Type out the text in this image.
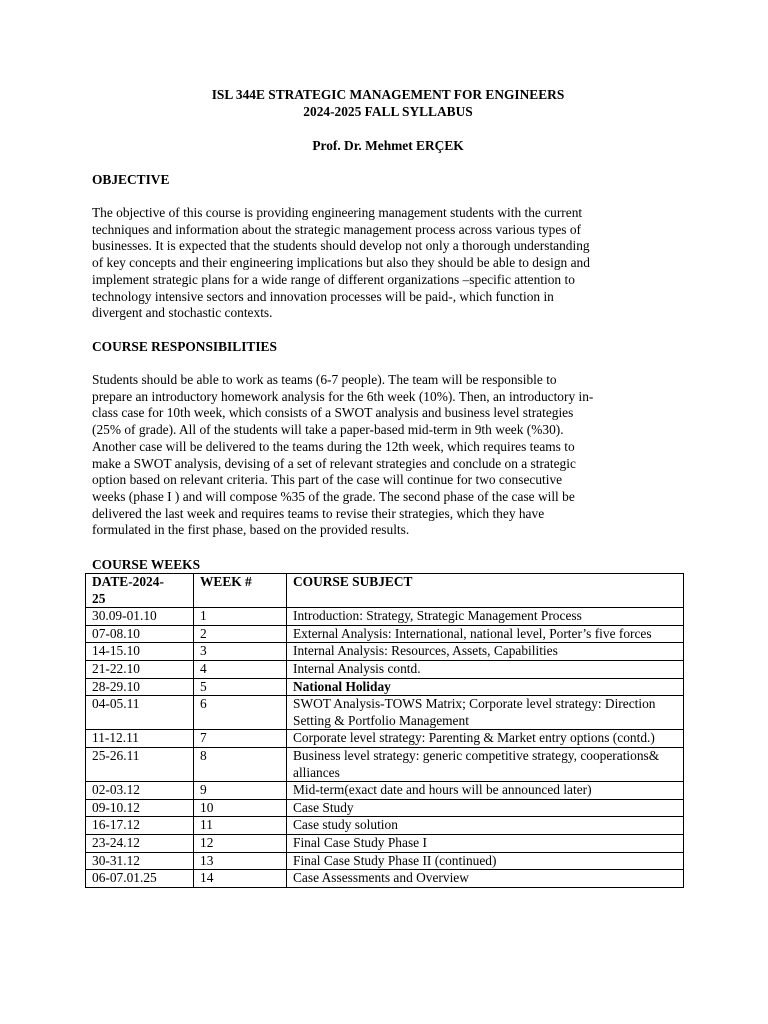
ISL 344E STRATEGIC MANAGEMENT FOR ENGINEERS
2024-2025 FALL SYLLABUS
Prof. Dr. Mehmet ERÇEK
OBJECTIVE
The objective of this course is providing engineering management students with the current
techniques and information about the strategic management process across various types of
businesses. It is expected that the students should develop not only a thorough understanding
of key concepts and their engineering implications but also they should be able to design and
implement strategic plans for a wide range of different organizations –specific attention to
technology intensive sectors and innovation processes will be paid-, which function in
divergent and stochastic contexts.
COURSE RESPONSIBILITIES
Students should be able to work as teams (6-7 people). The team will be responsible to
prepare an introductory homework analysis for the 6th week (10%). Then, an introductory in-
class case for 10th week, which consists of a SWOT analysis and business level strategies
(25% of grade). All of the students will take a paper-based mid-term in 9th week (%30).
Another case will be delivered to the teams during the 12th week, which requires teams to
make a SWOT analysis, devising of a set of relevant strategies and conclude on a strategic
option based on relevant criteria. This part of the case will continue for two consecutive
weeks (phase I ) and will compose %35 of the grade. The second phase of the case will be
delivered the last week and requires teams to revise their strategies, which they have
formulated in the first phase, based on the provided results.
COURSE WEEKS
DATE-2024-
25	WEEK #	COURSE SUBJECT
30.09-01.10	1	Introduction: Strategy, Strategic Management Process
07-08.10	2	External Analysis: International, national level, Porter’s five forces
14-15.10	3	Internal Analysis: Resources, Assets, Capabilities
21-22.10	4	Internal Analysis contd.
28-29.10	5	National Holiday
04-05.11	6	SWOT Analysis-TOWS Matrix; Corporate level strategy: Direction Setting & Portfolio Management
11-12.11	7	Corporate level strategy: Parenting & Market entry options (contd.)
25-26.11	8	Business level strategy: generic competitive strategy, cooperations& alliances
02-03.12	9	Mid-term(exact date and hours will be announced later)
09-10.12	10	Case Study
16-17.12	11	Case study solution
23-24.12	12	Final Case Study Phase I
30-31.12	13	Final Case Study Phase II (continued)
06-07.01.25	14	Case Assessments and Overview
